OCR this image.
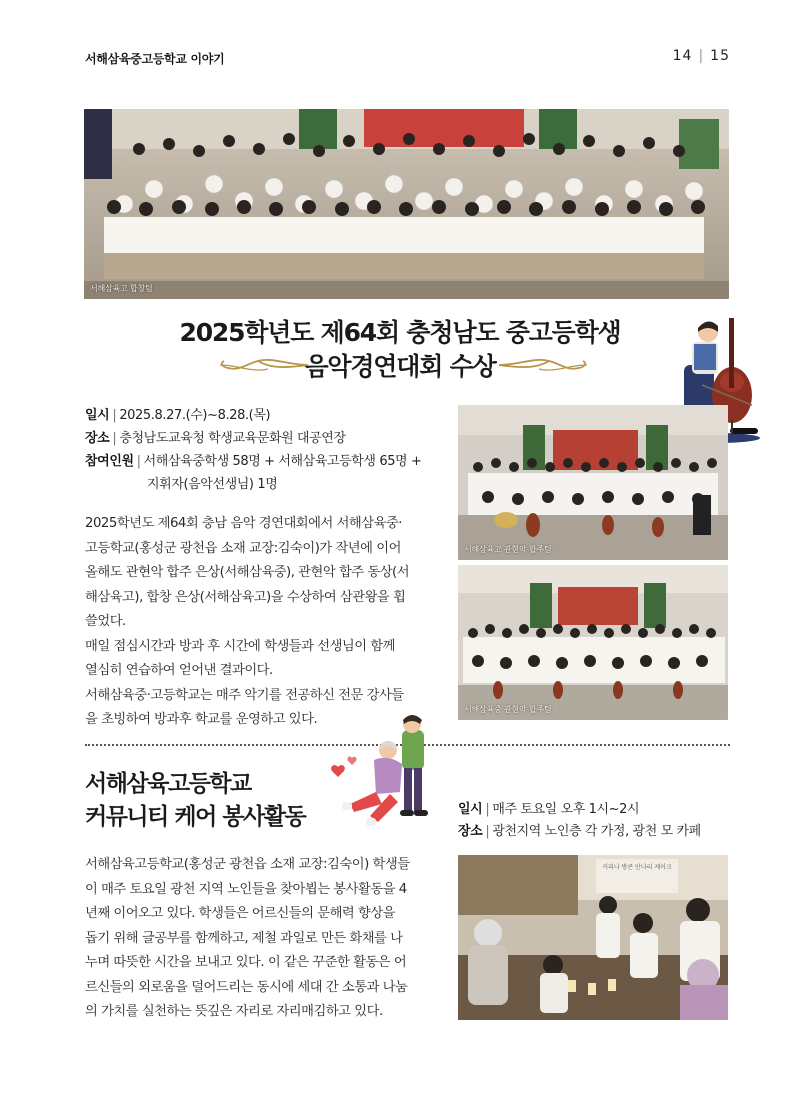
서해삼육중고등학교 이야기	14 | 15
서해삼육고 합창팀
2025학년도 제64회 충청남도 중고등학생
음악경연대회 수상
일시 | 2025.8.27.(수)~8.28.(목)
장소 | 충청남도교육청 학생교육문화원 대공연장
참여인원 | 서해삼육중학생 58명 + 서해삼육고등학생 65명 +
지휘자(음악선생님) 1명
2025학년도 제64회 충남 음악 경연대회에서 서해삼육중·
고등학교(홍성군 광천읍 소재 교장:김숙이)가 작년에 이어
올해도 관현악 합주 은상(서해삼육중), 관현악 합주 동상(서
해삼육고), 합창 은상(서해삼육고)을 수상하여 삼관왕을 휩
쓸었다.
매일 점심시간과 방과 후 시간에 학생들과 선생님이 함께
열심히 연습하여 얻어낸 결과이다.
서해삼육중·고등학교는 매주 악기를 전공하신 전문 강사들
을 초빙하여 방과후 학교를 운영하고 있다.
서해삼육고 관현악 합주팀
서해삼육중 관현악 합주팀
서해삼육고등학교
커뮤니티 케어 봉사활동	일시 | 매주 토요일 오후 1시~2시
장소 | 광천지역 노인층 각 가정, 광천 모 카페
서해삼육고등학교(홍성군 광천읍 소재 교장:김숙이) 학생들
이 매주 토요일 광천 지역 노인들을 찾아뵙는 봉사활동을 4
년째 이어오고 있다. 학생들은 어르신들의 문해력 향상을
돕기 위해 글공부를 함께하고, 제철 과일로 만든 화채를 나
누며 따뜻한 시간을 보내고 있다. 이 같은 꾸준한 활동은 어
르신들의 외로움을 덜어드리는 동시에 세대 간 소통과 나눔
의 가치를 실천하는 뜻깊은 자리로 자리매김하고 있다.
커피나 방콘 안나리 케이크
